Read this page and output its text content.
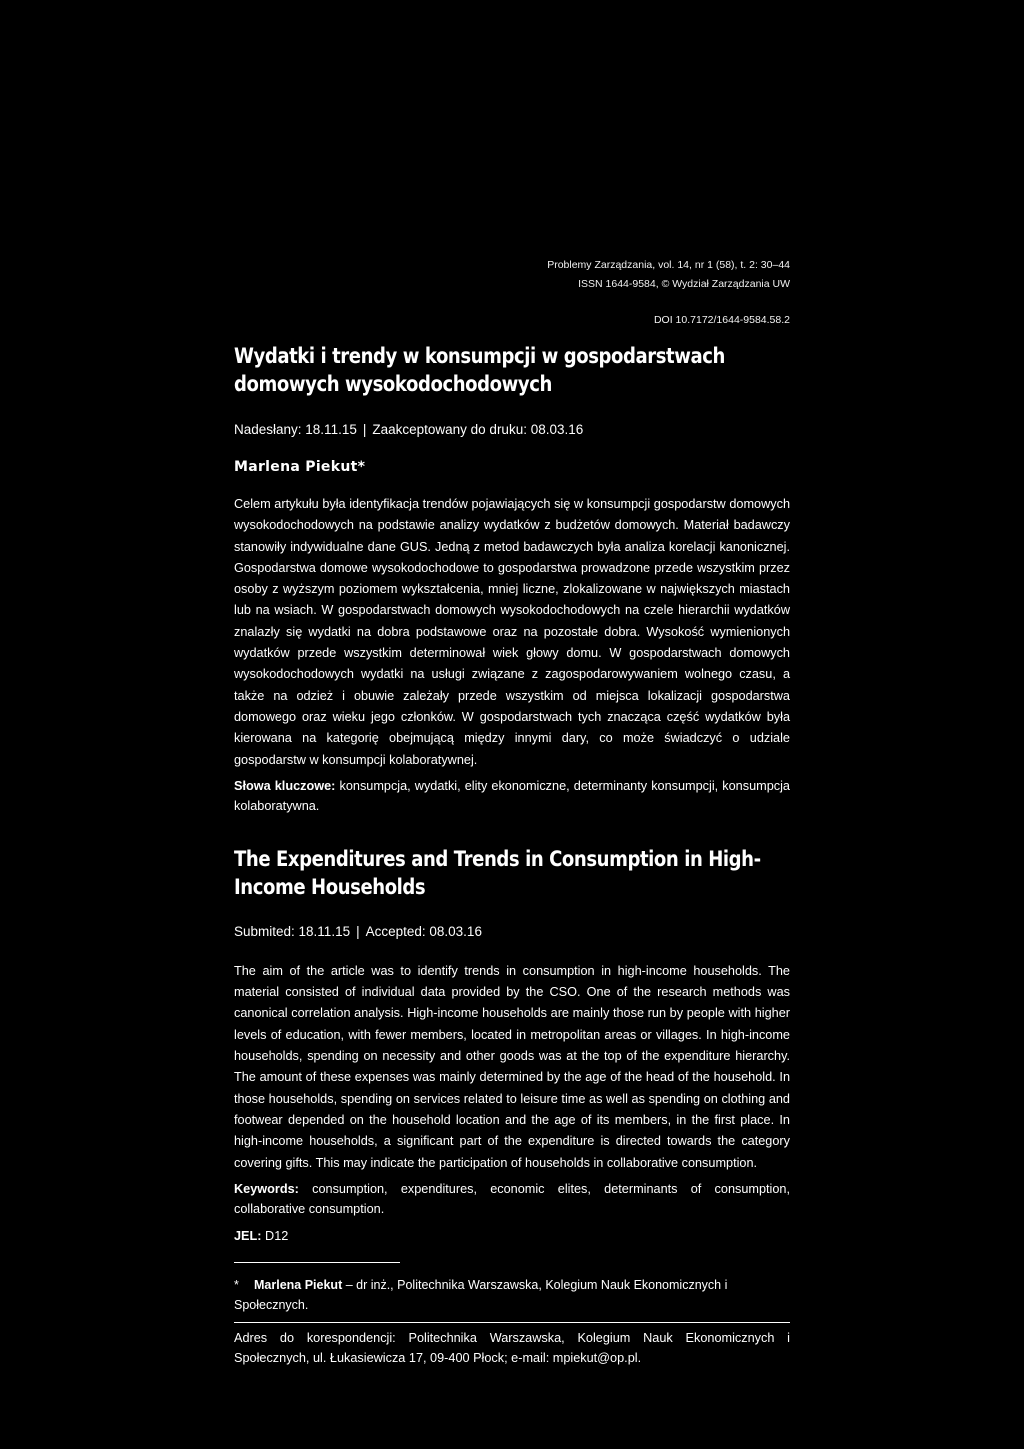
Problemy Zarządzania, vol. 14, nr 1 (58), t. 2: 30–44
ISSN 1644-9584, © Wydział Zarządzania UW
DOI 10.7172/1644-9584.58.2
Wydatki i trendy w konsumpcji w gospodarstwach domowych wysokodochodowych
Nadesłany: 18.11.15 | Zaakceptowany do druku: 08.03.16
Marlena Piekut*

Celem artykułu była identyfikacja trendów pojawiających się w konsumpcji gospodarstw domowych wysokodochodowych na podstawie analizy wydatków z budżetów domowych. Materiał badawczy stanowiły indywidualne dane GUS. Jedną z metod badawczych była analiza korelacji kanonicznej. Gospodarstwa domowe wysokodochodowe to gospodarstwa prowadzone przede wszystkim przez osoby z wyższym poziomem wykształcenia, mniej liczne, zlokalizowane w największych miastach lub na wsiach. W gospodarstwach domowych wysokodochodowych na czele hierarchii wydatków znalazły się wydatki na dobra podstawowe oraz na pozostałe dobra. Wysokość wymienionych wydatków przede wszystkim determinował wiek głowy domu. W gospodarstwach domowych wysokodochodowych wydatki na usługi związane z zagospodarowywaniem wolnego czasu, a także na odzież i obuwie zależały przede wszystkim od miejsca lokalizacji gospodarstwa domowego oraz wieku jego członków. W gospodarstwach tych znacząca część wydatków była kierowana na kategorię obejmującą między innymi dary, co może świadczyć o udziale gospodarstw w konsumpcji kolaboratywnej.

Słowa kluczowe: konsumpcja, wydatki, elity ekonomiczne, determinanty konsumpcji, konsumpcja kolaboratywna.

The Expenditures and Trends in Consumption in High-Income Households
Submited: 18.11.15 | Accepted: 08.03.16

The aim of the article was to identify trends in consumption in high-income households. The material consisted of individual data provided by the CSO. One of the research methods was canonical correlation analysis. High-income households are mainly those run by people with higher levels of education, with fewer members, located in metropolitan areas or villages. In high-income households, spending on necessity and other goods was at the top of the expenditure hierarchy. The amount of these expenses was mainly determined by the age of the head of the household. In those households, spending on services related to leisure time as well as spending on clothing and footwear depended on the household location and the age of its members, in the first place. In high-income households, a significant part of the expenditure is directed towards the category covering gifts. This may indicate the participation of households in collaborative consumption.

Keywords: consumption, expenditures, economic elites, determinants of consumption, collaborative consumption.

JEL: D12
* Marlena Piekut – dr inż., Politechnika Warszawska, Kolegium Nauk Ekonomicznych i Społecznych.
Adres do korespondencji: Politechnika Warszawska, Kolegium Nauk Ekonomicznych i Społecznych, ul. Łukasiewicza 17, 09-400 Płock; e-mail: mpiekut@op.pl.
